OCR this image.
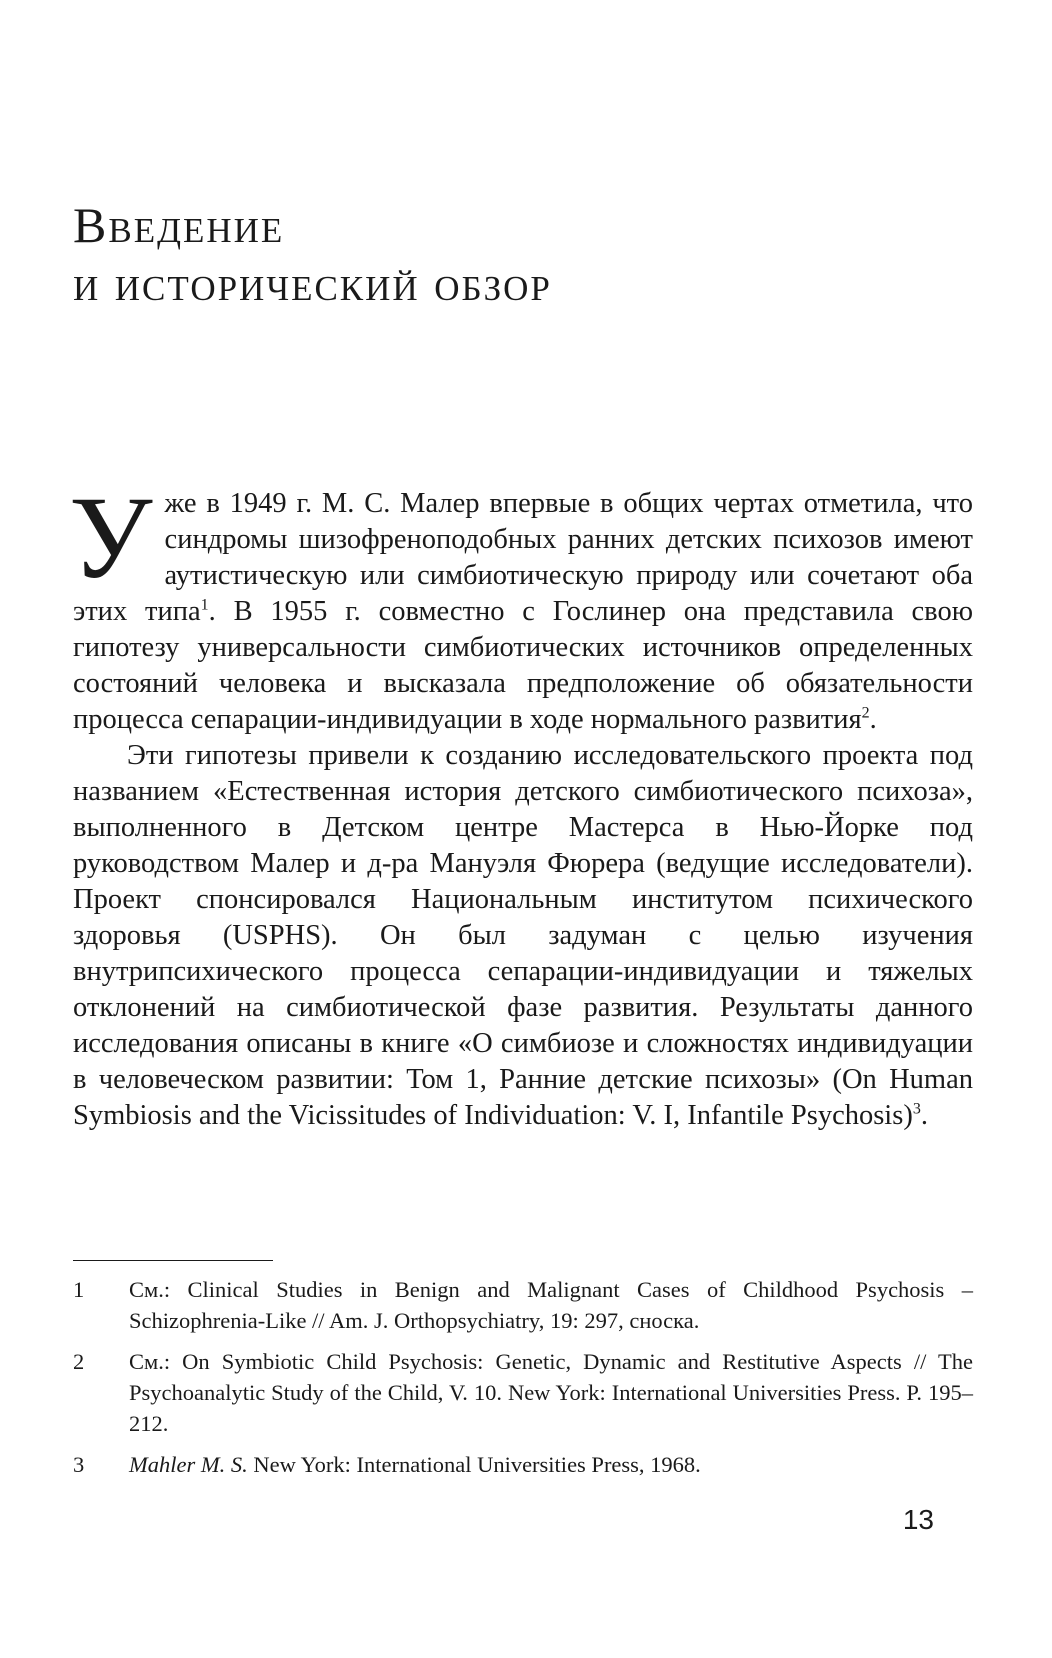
Введение
и исторический обзор

Уже в 1949 г. М. С. Малер впервые в общих чертах отметила, что синдромы шизофреноподобных ранних детских психозов имеют аутистическую или симбиотическую природу или сочетают оба этих типа$^1$. В 1955 г. совместно с Гослинер она представила свою гипотезу универсальности симбиотических источников определенных состояний человека и высказала предположение об обязательности процесса сепарации-индивидуации в ходе нормального развития$^2$.

Эти гипотезы привели к созданию исследовательского проекта под названием «Естественная история детского симбиотического психоза», выполненного в Детском центре Мастерса в Нью-Йорке под руководством Малер и д-ра Мануэля Фюрера (ведущие исследователи). Проект спонсировался Национальным институтом психического здоровья (USPHS). Он был задуман с целью изучения внутрипсихического процесса сепарации-индивидуации и тяжелых отклонений на симбиотической фазе развития. Результаты данного исследования описаны в книге «О симбиозе и сложностях индивидуации в человеческом развитии: Том 1, Ранние детские психозы» (On Human Symbiosis and the Vicissitudes of Individuation: V. I, Infantile Psychosis)$^3$.

1	См.: Clinical Studies in Benign and Malignant Cases of Childhood Psychosis – Schizophrenia-Like // Am. J. Orthopsychiatry, 19: 297, сноска.
2	См.: On Symbiotic Child Psychosis: Genetic, Dynamic and Restitutive Aspects // The Psychoanalytic Study of the Child, V. 10. New York: International Universities Press. P. 195–212.
3	Mahler M. S. New York: International Universities Press, 1968.
13
